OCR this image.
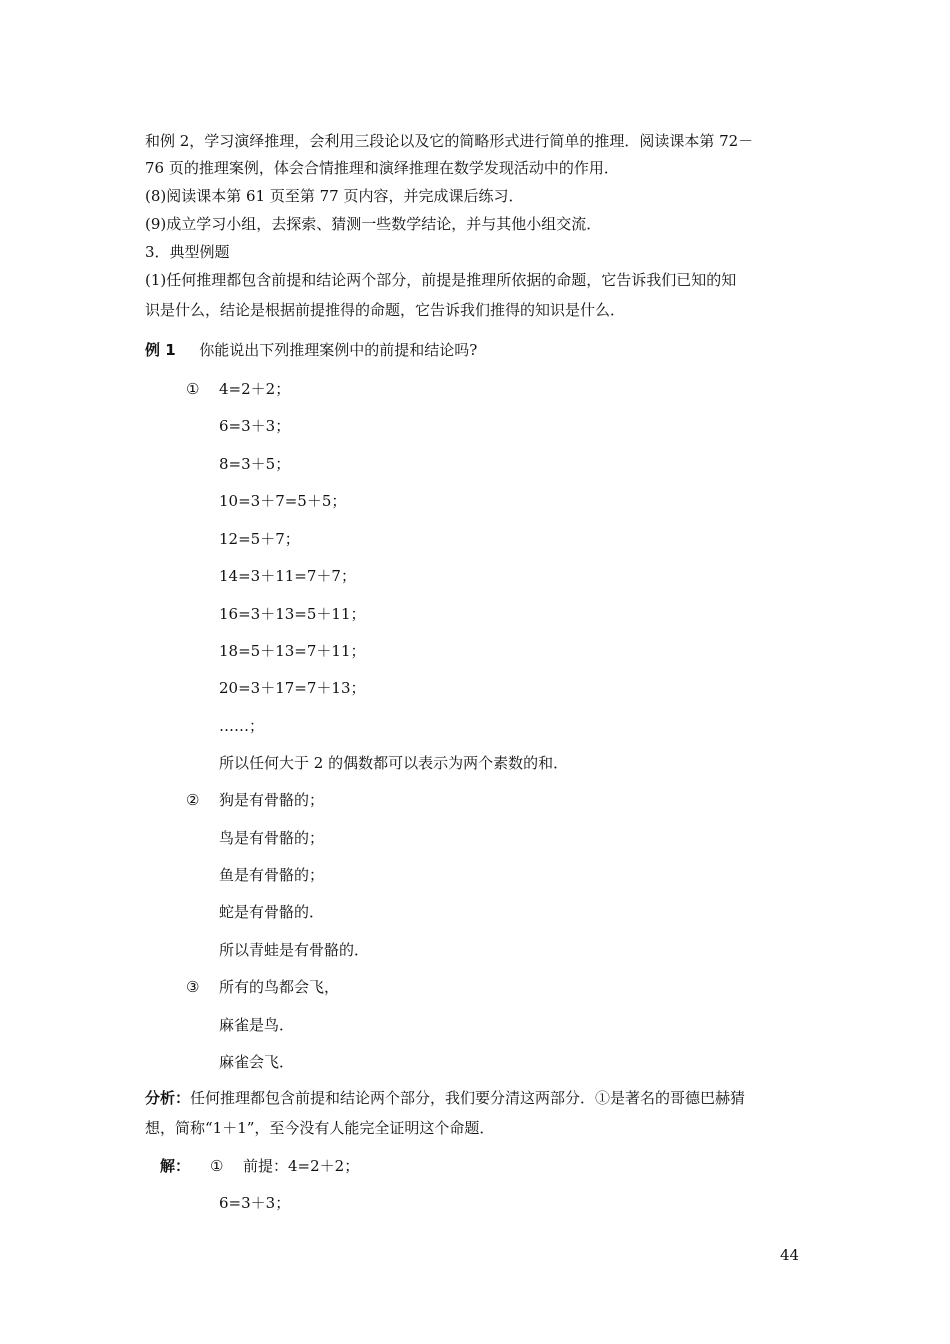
和例 2，学习演绎推理，会利用三段论以及它的简略形式进行简单的推理．阅读课本第 72－
76 页的推理案例，体会合情推理和演绎推理在数学发现活动中的作用．
(8)阅读课本第 61 页至第 77 页内容，并完成课后练习．
(9)成立学习小组，去探索、猜测一些数学结论，并与其他小组交流．
3．典型例题
(1)任何推理都包含前提和结论两个部分，前提是推理所依据的命题，它告诉我们已知的知
识是什么，结论是根据前提推得的命题，它告诉我们推得的知识是什么．
例 1 你能说出下列推理案例中的前提和结论吗?
① 4=2＋2；
6=3＋3；
8=3＋5；
10=3＋7=5＋5；
12=5＋7；
14=3＋11=7＋7；
16=3＋13=5＋11；
18=5＋13=7＋11；
20=3＋17=7＋13；
……；
所以任何大于 2 的偶数都可以表示为两个素数的和．
② 狗是有骨骼的；
鸟是有骨骼的；
鱼是有骨骼的；
蛇是有骨骼的．
所以青蛙是有骨骼的．
③ 所有的鸟都会飞，
麻雀是鸟．
麻雀会飞．
分析：任何推理都包含前提和结论两个部分，我们要分清这两部分．①是著名的哥德巴赫猜
想，简称“1＋1”，至今没有人能完全证明这个命题．
解： ① 前提：4=2＋2；
6=3＋3；
44
